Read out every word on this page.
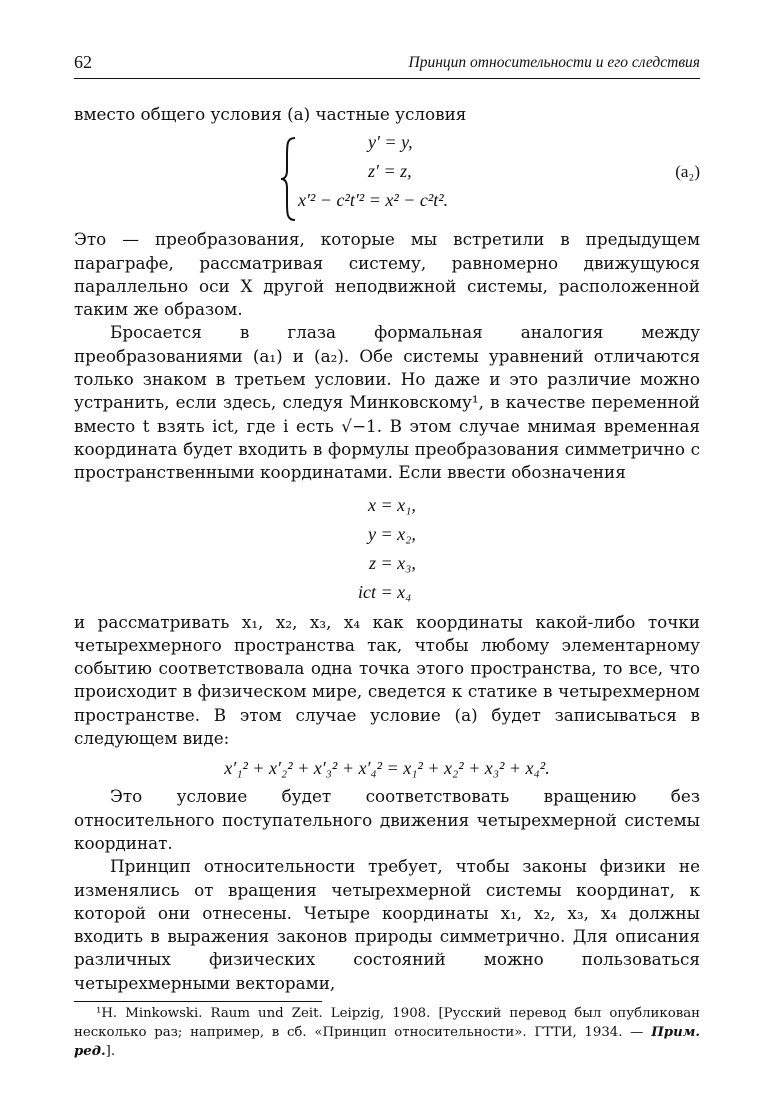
62	Принцип относительности и его следствия

вместо общего условия (a) частные условия

y′ = y,
z′ = z,
x′² − c²t′² = x² − c²t².
(a₂)

Это — преобразования, которые мы встретили в предыдущем параграфе, рассматривая систему, равномерно движущуюся параллельно оси X другой неподвижной системы, расположенной таким же образом.

Бросается в глаза формальная аналогия между преобразованиями (a₁) и (a₂). Обе системы уравнений отличаются только знаком в третьем условии. Но даже и это различие можно устранить, если здесь, следуя Минковскому¹, в качестве переменной вместо t взять ict, где i есть √−1. В этом случае мнимая временная координата будет входить в формулы преобразования симметрично с пространственными координатами. Если ввести обозначения

x = x₁,
y = x₂,
z = x₃,
ict = x₄

и рассматривать x₁, x₂, x₃, x₄ как координаты какой-либо точки четырехмерного пространства так, чтобы любому элементарному событию соответствовала одна точка этого пространства, то все, что происходит в физическом мире, сведется к статике в четырехмерном пространстве. В этом случае условие (a) будет записываться в следующем виде:

x′₁² + x′₂² + x′₃² + x′₄² = x₁² + x₂² + x₃² + x₄².

Это условие будет соответствовать вращению без относительного поступательного движения четырехмерной системы координат.

Принцип относительности требует, чтобы законы физики не изменялись от вращения четырехмерной системы координат, к которой они отнесены. Четыре координаты x₁, x₂, x₃, x₄ должны входить в выражения законов природы симметрично. Для описания различных физических состояний можно пользоваться четырехмерными векторами,

¹H. Minkowski. Raum und Zeit. Leipzig, 1908. [Русский перевод был опубликован несколько раз; например, в сб. «Принцип относительности». ГТТИ, 1934. — Прим. ред.].
